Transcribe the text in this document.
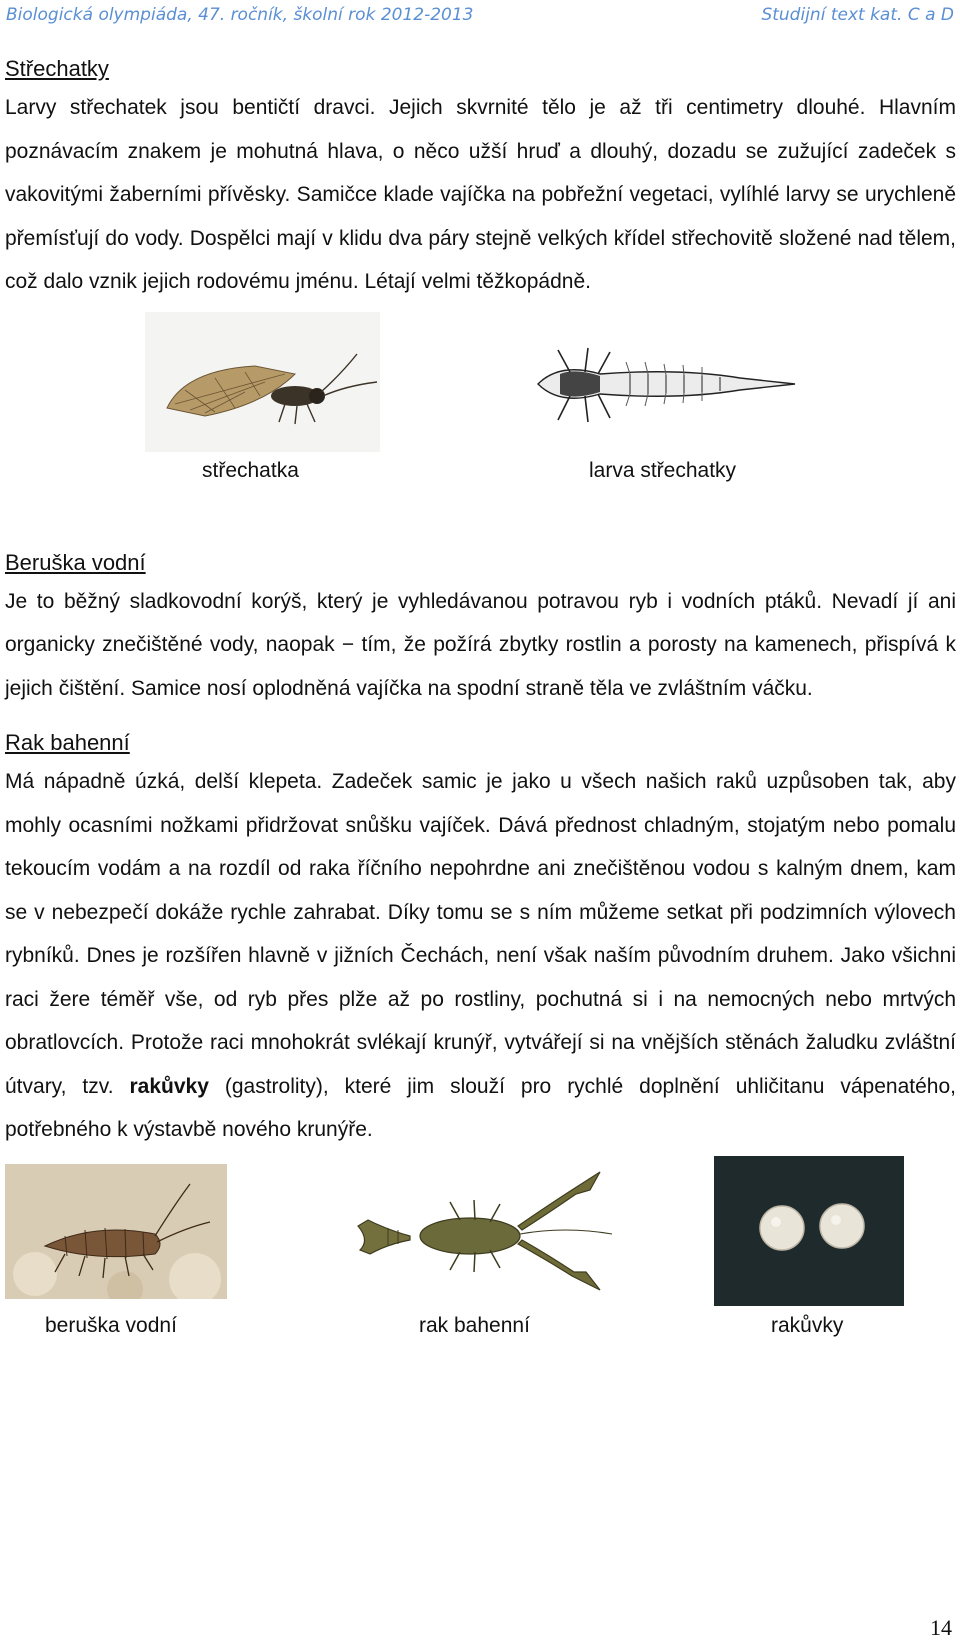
Biologická olympiáda, 47. ročník, školní rok 2012-2013	Studijní text kat. C a D
Střechatky

Larvy střechatek jsou bentičtí dravci. Jejich skvrnité tělo je až tři centimetry dlouhé. Hlavním poznávacím znakem je mohutná hlava, o něco užší hruď a dlouhý, dozadu se zužující zadeček s vakovitými žaberními přívěsky. Samičce klade vajíčka na pobřežní vegetaci, vylíhlé larvy se urychleně přemísťují do vody. Dospělci mají v klidu dva páry stejně velkých křídel střechovitě složené nad tělem, což dalo vznik jejich rodovému jménu. Létají velmi těžkopádně.

střechatka	larva střechatky
Beruška vodní

Je to běžný sladkovodní korýš, který je vyhledávanou potravou ryb i vodních ptáků. Nevadí jí ani organicky znečištěné vody, naopak − tím, že požírá zbytky rostlin a porosty na kamenech, přispívá k jejich čištění. Samice nosí oplodněná vajíčka na spodní straně těla ve zvláštním váčku.

Rak bahenní

Má nápadně úzká, delší klepeta. Zadeček samic je jako u všech našich raků uzpůsoben tak, aby mohly ocasními nožkami přidržovat snůšku vajíček. Dává přednost chladným, stojatým nebo pomalu tekoucím vodám a na rozdíl od raka říčního nepohrdne ani znečištěnou vodou s kalným dnem, kam se v nebezpečí dokáže rychle zahrabat. Díky tomu se s ním můžeme setkat při podzimních výlovech rybníků. Dnes je rozšířen hlavně v jižních Čechách, není však naším původním druhem. Jako všichni raci žere téměř vše, od ryb přes plže až po rostliny, pochutná si i na nemocných nebo mrtvých obratlovcích. Protože raci mnohokrát svlékají krunýř, vytvářejí si na vnějších stěnách žaludku zvláštní útvary, tzv. rakůvky (gastrolity), které jim slouží pro rychlé doplnění uhličitanu vápenatého, potřebného k výstavbě nového krunýře.

beruška vodní	rak bahenní	rakůvky
14
